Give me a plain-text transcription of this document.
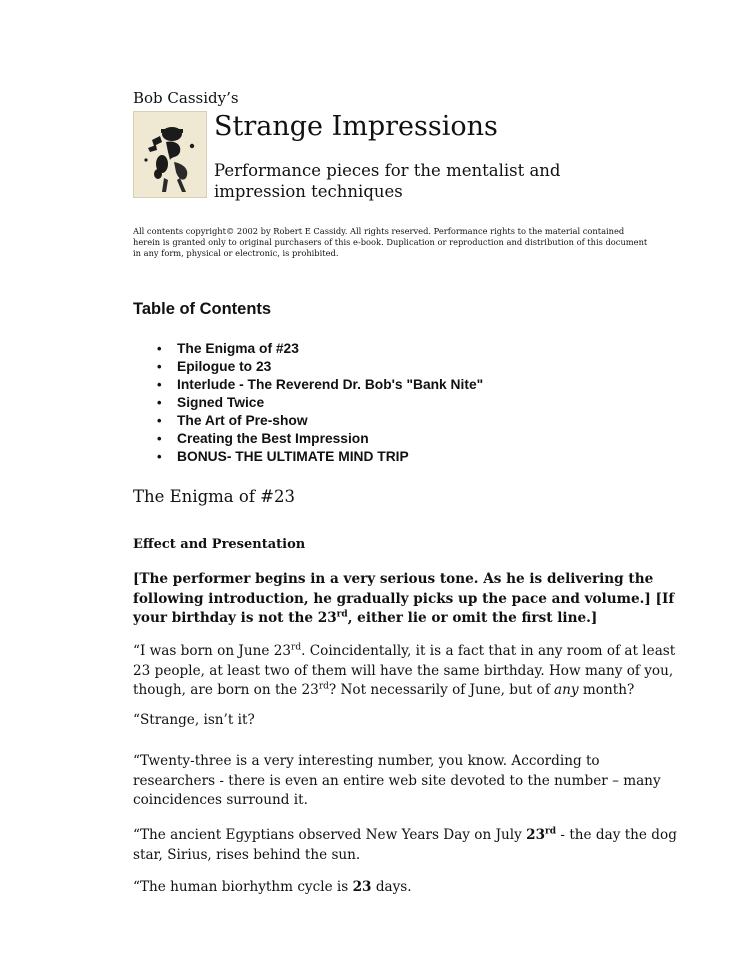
Bob Cassidy’s
Strange Impressions
Performance pieces for the mentalist and impression techniques
All contents copyright© 2002 by Robert E Cassidy. All rights reserved. Performance rights to the material contained herein is granted only to original purchasers of this e-book. Duplication or reproduction and distribution of this document in any form, physical or electronic, is prohibited.
Table of Contents
• The Enigma of #23
• Epilogue to 23
• Interlude - The Reverend Dr. Bob's "Bank Nite"
• Signed Twice
• The Art of Pre-show
• Creating the Best Impression
• BONUS- THE ULTIMATE MIND TRIP
The Enigma of #23
Effect and Presentation

[The performer begins in a very serious tone. As he is delivering the following introduction, he gradually picks up the pace and volume.] [If your birthday is not the 23rd, either lie or omit the first line.]

“I was born on June 23rd. Coincidentally, it is a fact that in any room of at least 23 people, at least two of them will have the same birthday. How many of you, though, are born on the 23rd? Not necessarily of June, but of any month?

“Strange, isn’t it?

“Twenty-three is a very interesting number, you know. According to researchers - there is even an entire web site devoted to the number – many coincidences surround it.

“The ancient Egyptians observed New Years Day on July 23rd - the day the dog star, Sirius, rises behind the sun.

“The human biorhythm cycle is 23 days.
